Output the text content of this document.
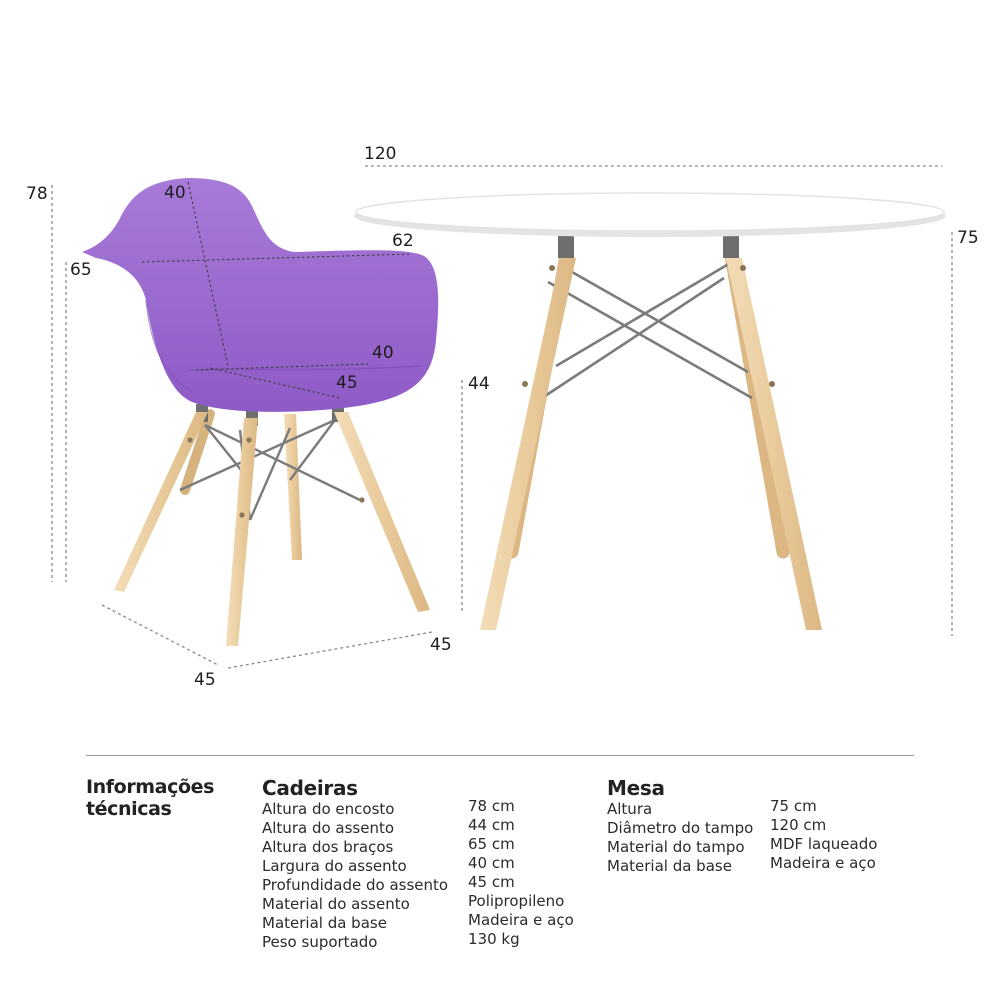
78
65
40
62
40
45	44
45
45
120
75
Informações
técnicas
Cadeiras
Altura do encosto
Altura do assento
Altura dos braços
Largura do assento
Profundidade do assento
Material do assento
Material da base
Peso suportado
78 cm
44 cm
65 cm
40 cm
45 cm
Polipropileno
Madeira e aço
130 kg
Mesa
Altura
Diâmetro do tampo
Material do tampo
Material da base
75 cm
120 cm
MDF laqueado
Madeira e aço
